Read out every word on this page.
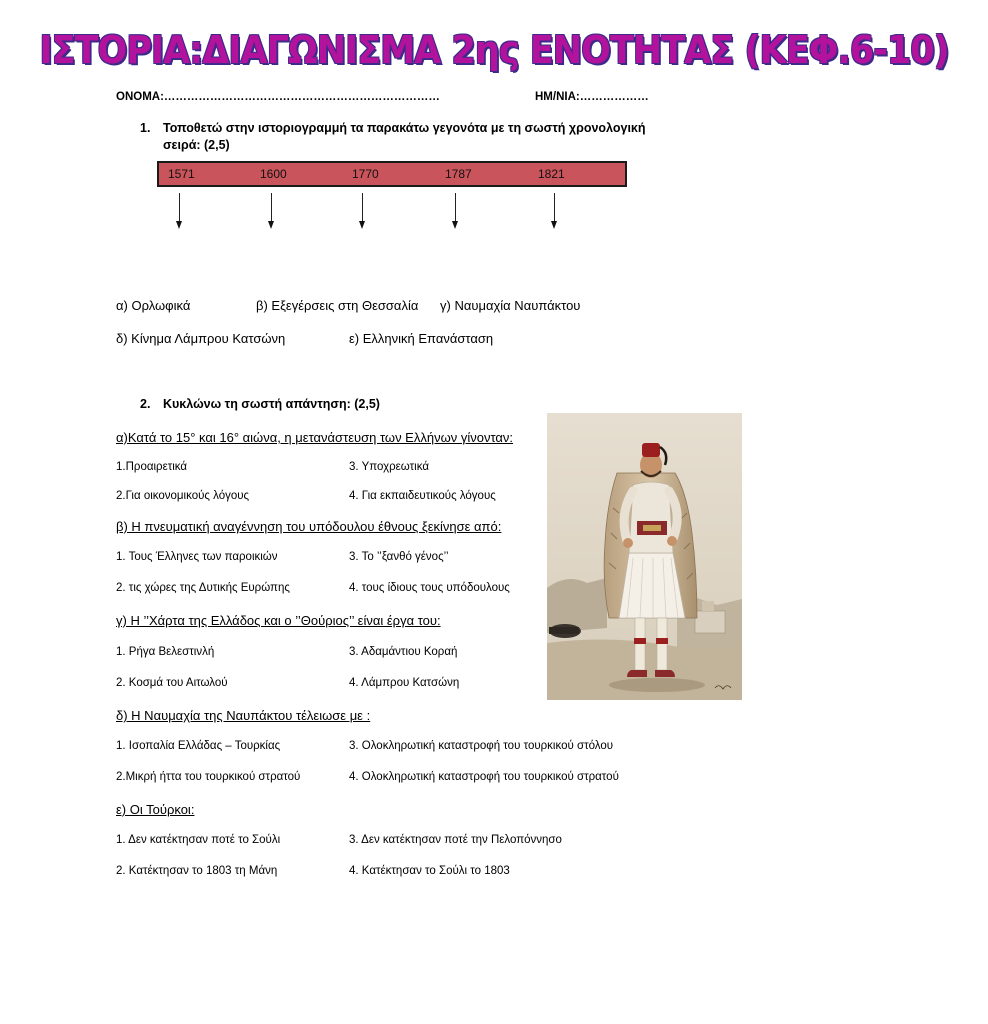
ΙΣΤΟΡΙΑ:ΔΙΑΓΩΝΙΣΜΑ 2ης ΕΝΟΤΗΤΑΣ (ΚΕΦ.6-10)
ΟΝΟΜΑ:………………………………………………………………	ΗΜ/ΝΙΑ:………………
1. Τοποθετώ στην ιστοριογραμμή τα παρακάτω γεγονότα με τη σωστή χρονολογική
σειρά: (2,5)
1571	1600	1770	1787	1821
α) Ορλωφικά	β) Εξεγέρσεις στη Θεσσαλία γ) Ναυμαχία Ναυπάκτου
δ) Κίνημα Λάμπρου Κατσώνη	ε) Ελληνική Επανάσταση
2. Κυκλώνω τη σωστή απάντηση: (2,5)
α)Κατά το 15° και 16° αιώνα, η μετανάστευση των Ελλήνων γίνονταν:
1.Προαιρετικά	3. Υποχρεωτικά
2.Για οικονομικούς λόγους	4. Για εκπαιδευτικούς λόγους
β) Η πνευματική αναγέννηση του υπόδουλου έθνους ξεκίνησε από:
1. Τους Έλληνες των παροικιών	3. Το ’’ξανθό γένος’’
2. τις χώρες της Δυτικής Ευρώπης	4. τους ίδιους τους υπόδουλους
γ) Η ’’Χάρτα της Ελλάδος και ο ’’Θούριος’’ είναι έργα του:
1. Ρήγα Βελεστινλή	3. Αδαμάντιου Κοραή
2. Κοσμά του Αιτωλού	4. Λάμπρου Κατσώνη
δ) Η Ναυμαχία της Ναυπάκτου τέλειωσε με :
1. Ισοπαλία Ελλάδας – Τουρκίας	3. Ολοκληρωτική καταστροφή του τουρκικού στόλου
2.Μικρή ήττα του τουρκικού στρατού	4. Ολοκληρωτική καταστροφή του τουρκικού στρατού
ε) Οι Τούρκοι:
1. Δεν κατέκτησαν ποτέ το Σούλι	3. Δεν κατέκτησαν ποτέ την Πελοπόννησο
2. Κατέκτησαν το 1803 τη Μάνη	4. Κατέκτησαν το Σούλι το 1803
